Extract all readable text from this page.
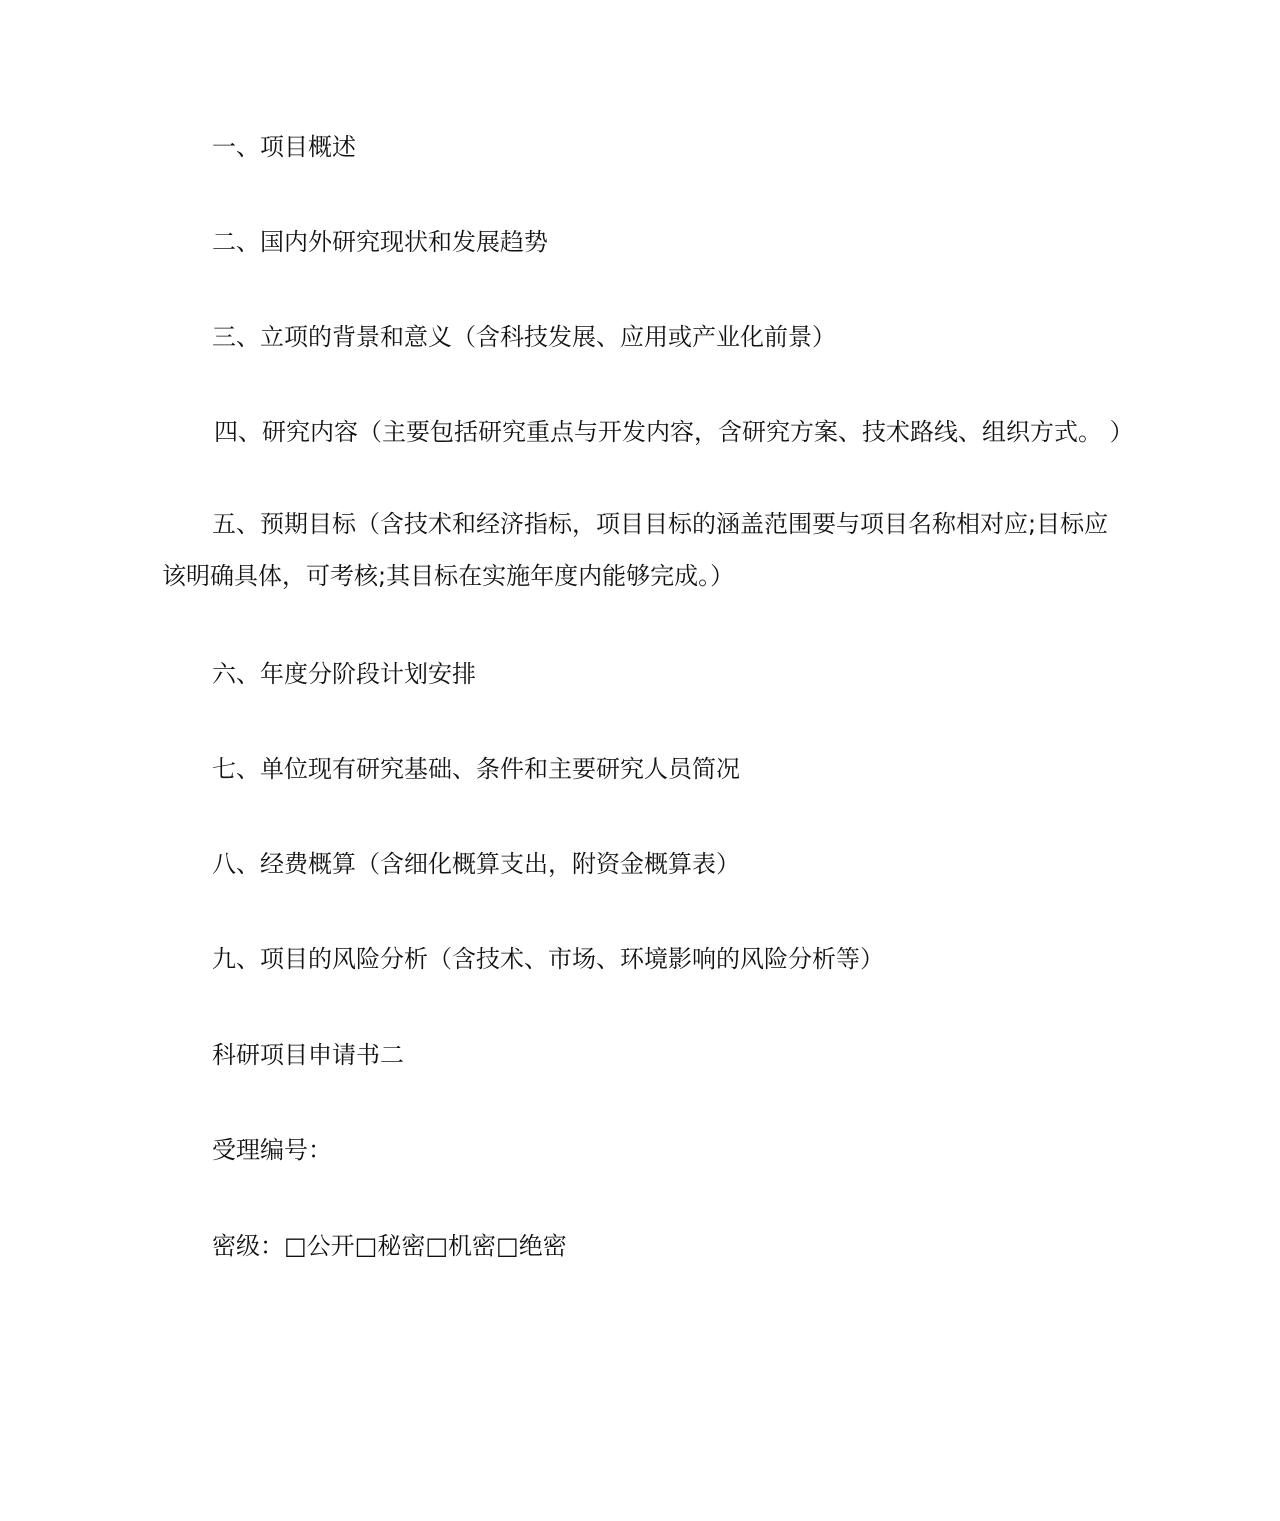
一、项目概述
二、国内外研究现状和发展趋势
三、立项的背景和意义（含科技发展、应用或产业化前景）
四、研究内容（主要包括研究重点与开发内容，含研究方案、技术路线、组织方式。 ）
五、预期目标（含技术和经济指标，项目目标的涵盖范围要与项目名称相对应;目标应该明确具体，可考核;其目标在实施年度内能够完成。）
六、年度分阶段计划安排
七、单位现有研究基础、条件和主要研究人员简况
八、经费概算（含细化概算支出，附资金概算表）
九、项目的风险分析（含技术、市场、环境影响的风险分析等）
科研项目申请书二
受理编号：
密级：□公开□秘密□机密□绝密
